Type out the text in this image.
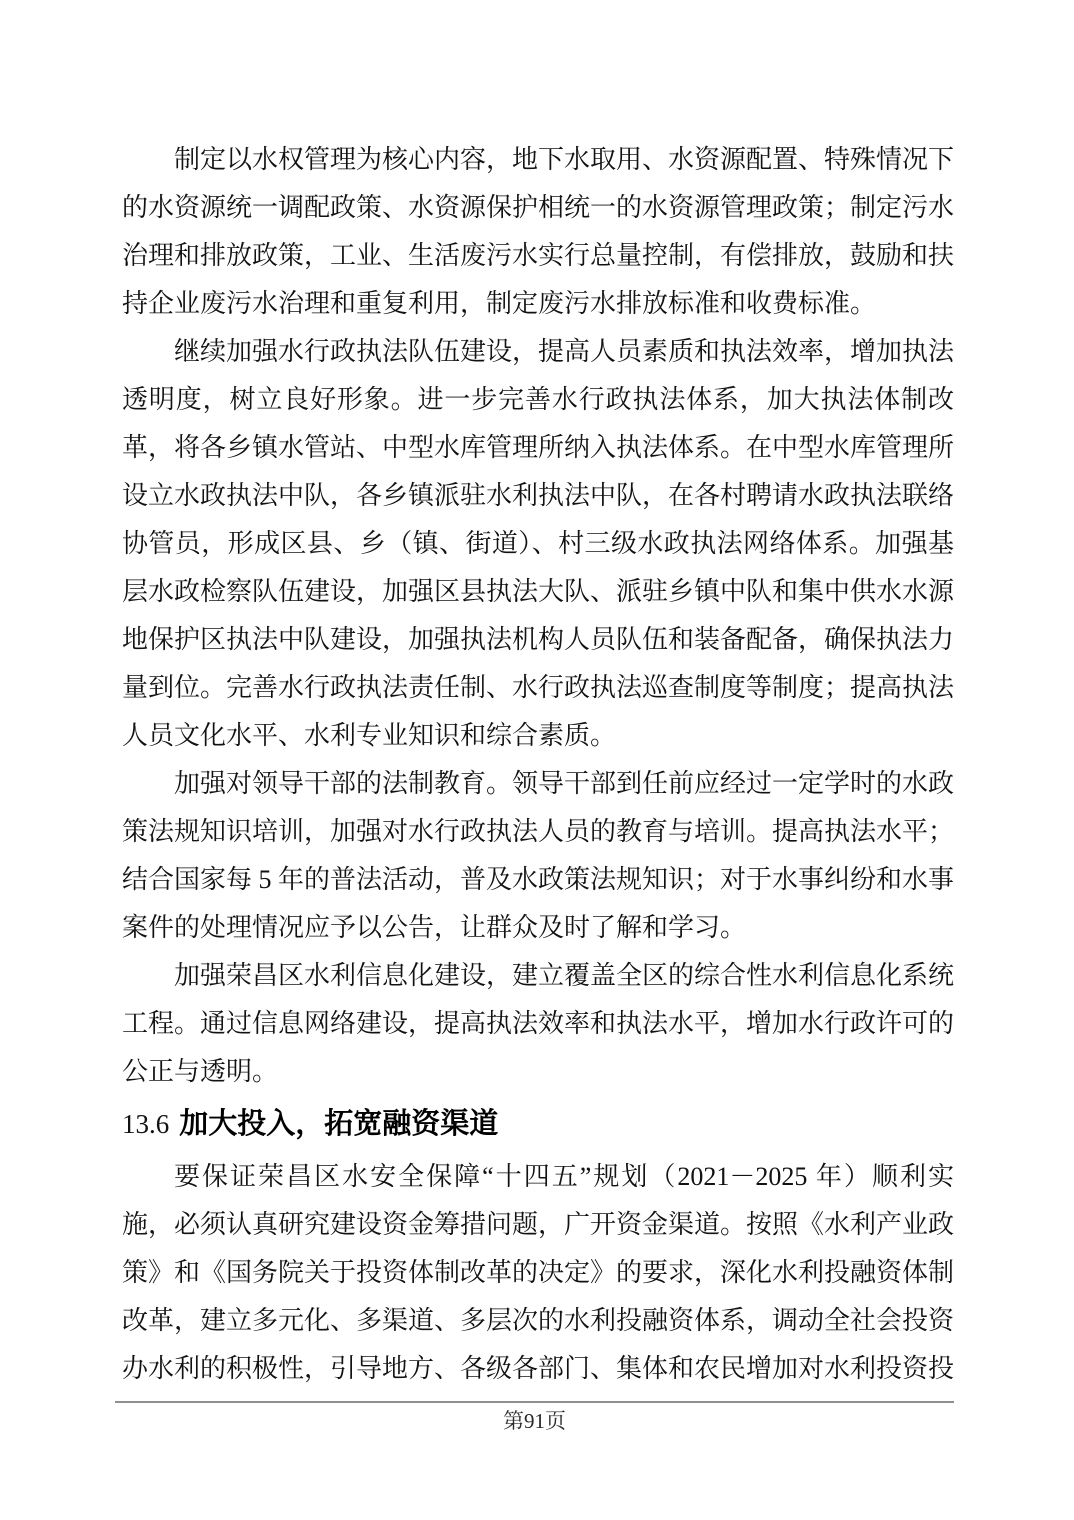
制定以水权管理为核心内容，地下水取用、水资源配置、特殊情况下的水资源统一调配政策、水资源保护相统一的水资源管理政策；制定污水治理和排放政策，工业、生活废污水实行总量控制，有偿排放，鼓励和扶持企业废污水治理和重复利用，制定废污水排放标准和收费标准。

继续加强水行政执法队伍建设，提高人员素质和执法效率，增加执法透明度，树立良好形象。进一步完善水行政执法体系，加大执法体制改革，将各乡镇水管站、中型水库管理所纳入执法体系。在中型水库管理所设立水政执法中队，各乡镇派驻水利执法中队，在各村聘请水政执法联络协管员，形成区县、乡（镇、街道）、村三级水政执法网络体系。加强基层水政检察队伍建设，加强区县执法大队、派驻乡镇中队和集中供水水源地保护区执法中队建设，加强执法机构人员队伍和装备配备，确保执法力量到位。完善水行政执法责任制、水行政执法巡查制度等制度；提高执法人员文化水平、水利专业知识和综合素质。

加强对领导干部的法制教育。领导干部到任前应经过一定学时的水政策法规知识培训，加强对水行政执法人员的教育与培训。提高执法水平；结合国家每 5 年的普法活动，普及水政策法规知识；对于水事纠纷和水事案件的处理情况应予以公告，让群众及时了解和学习。

加强荣昌区水利信息化建设，建立覆盖全区的综合性水利信息化系统工程。通过信息网络建设，提高执法效率和执法水平，增加水行政许可的公正与透明。

13.6 加大投入，拓宽融资渠道

要保证荣昌区水安全保障“十四五”规划（2021－2025 年）顺利实施，必须认真研究建设资金筹措问题，广开资金渠道。按照《水利产业政策》和《国务院关于投资体制改革的决定》的要求，深化水利投融资体制改革，建立多元化、多渠道、多层次的水利投融资体系，调动全社会投资办水利的积极性，引导地方、各级各部门、集体和农民增加对水利投资投

第91页
